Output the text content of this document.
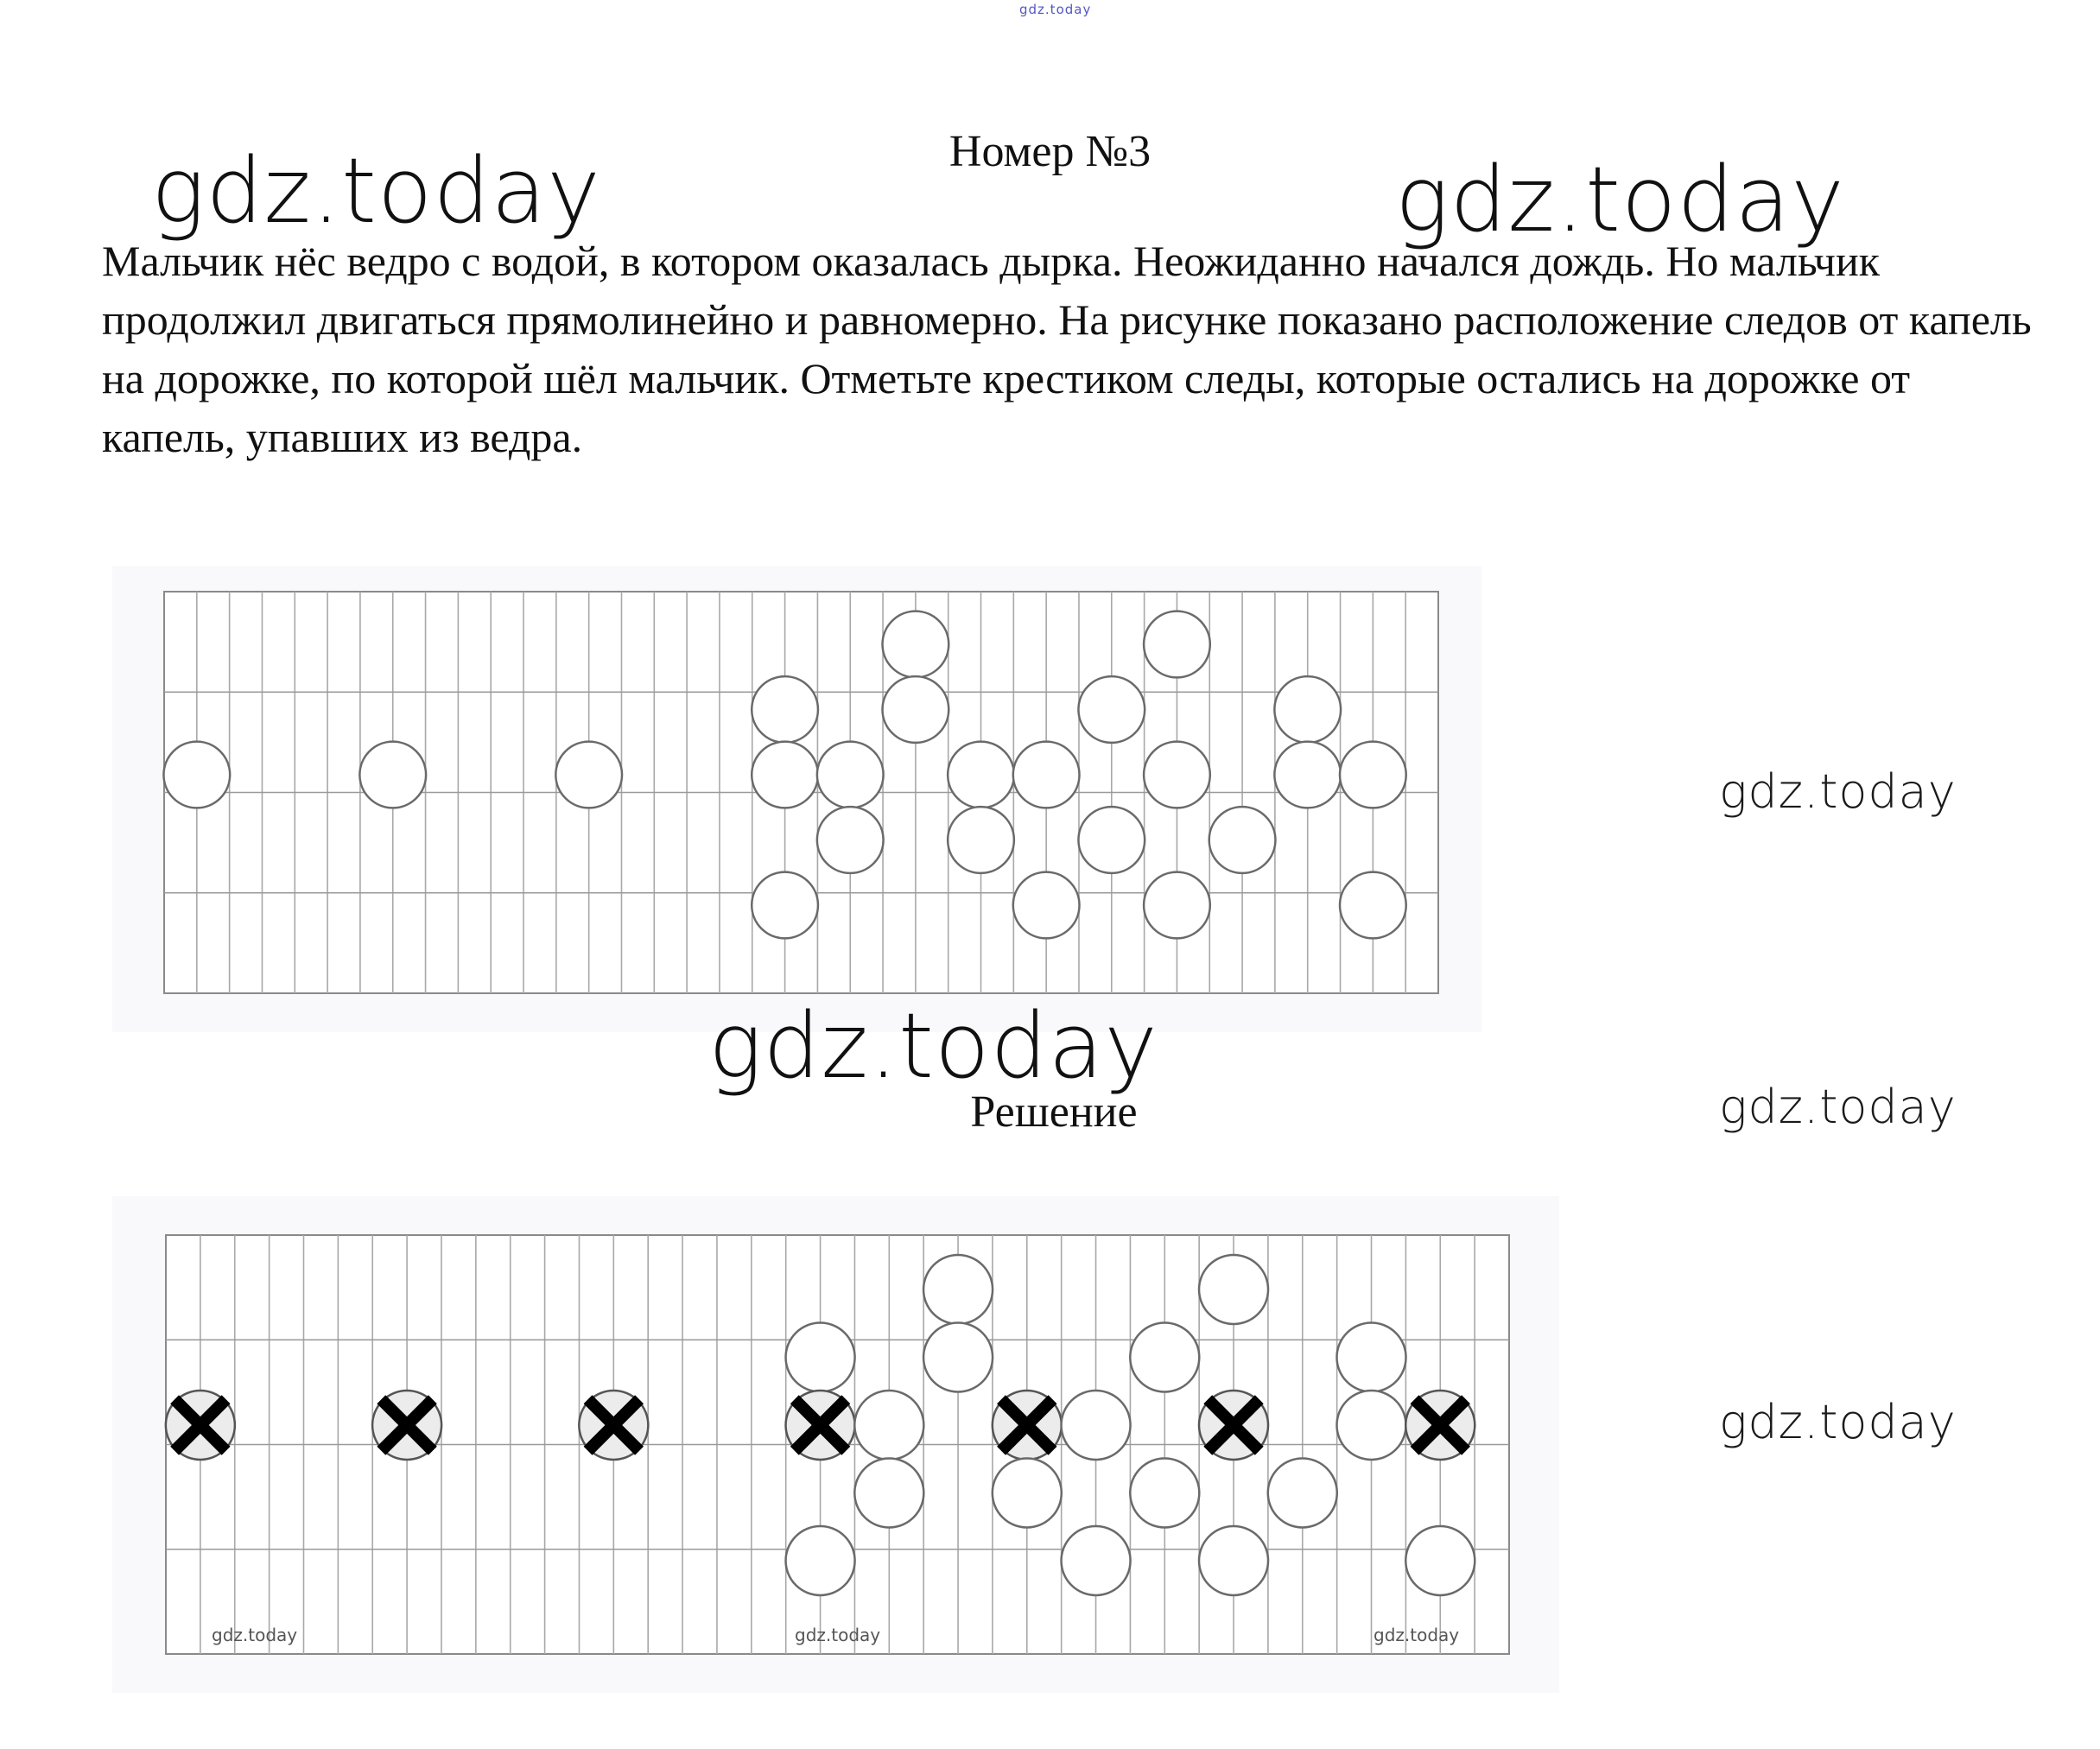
gdz.today
gdz.today	gdz.today
Номер №3

Мальчик нёс ведро с водой, в котором оказалась дырка. Неожиданно начался дождь. Но мальчик продолжил двигаться прямолинейно и равномерно. На рисунке показано расположение следов от капель на дорожке, по которой шёл мальчик. Отметьте крестиком следы, которые остались на дорожке от капель, упавших из ведра.

gdz.today
Решение
gdz.today	gdz.today	gdz.today
gdz.today
gdz.today
gdz.today
